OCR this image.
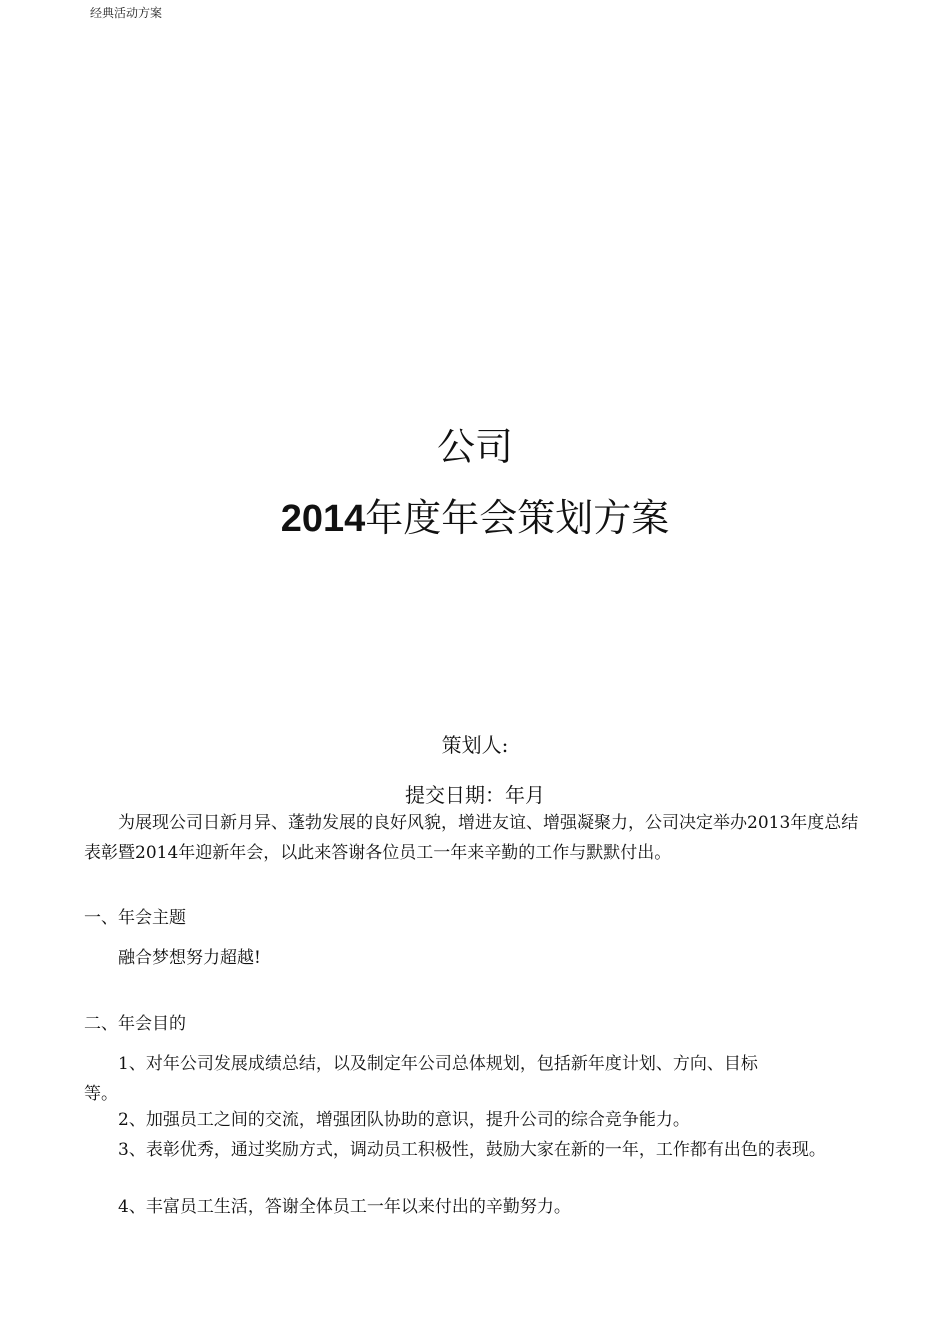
经典活动方案
公司
2014年度年会策划方案
策划人:
提交日期：年月
为展现公司日新月异、蓬勃发展的良好风貌，增进友谊、增强凝聚力，公司决定举办2013年度总结表彰暨2014年迎新年会，以此来答谢各位员工一年来辛勤的工作与默默付出。
一、年会主题
融合梦想努力超越!
二、年会目的
1、对年公司发展成绩总结，以及制定年公司总体规划，包括新年度计划、方向、目标等。
2、加强员工之间的交流，增强团队协助的意识，提升公司的综合竞争能力。
3、表彰优秀，通过奖励方式，调动员工积极性，鼓励大家在新的一年，工作都有出色的表现。
4、丰富员工生活，答谢全体员工一年以来付出的辛勤努力。
